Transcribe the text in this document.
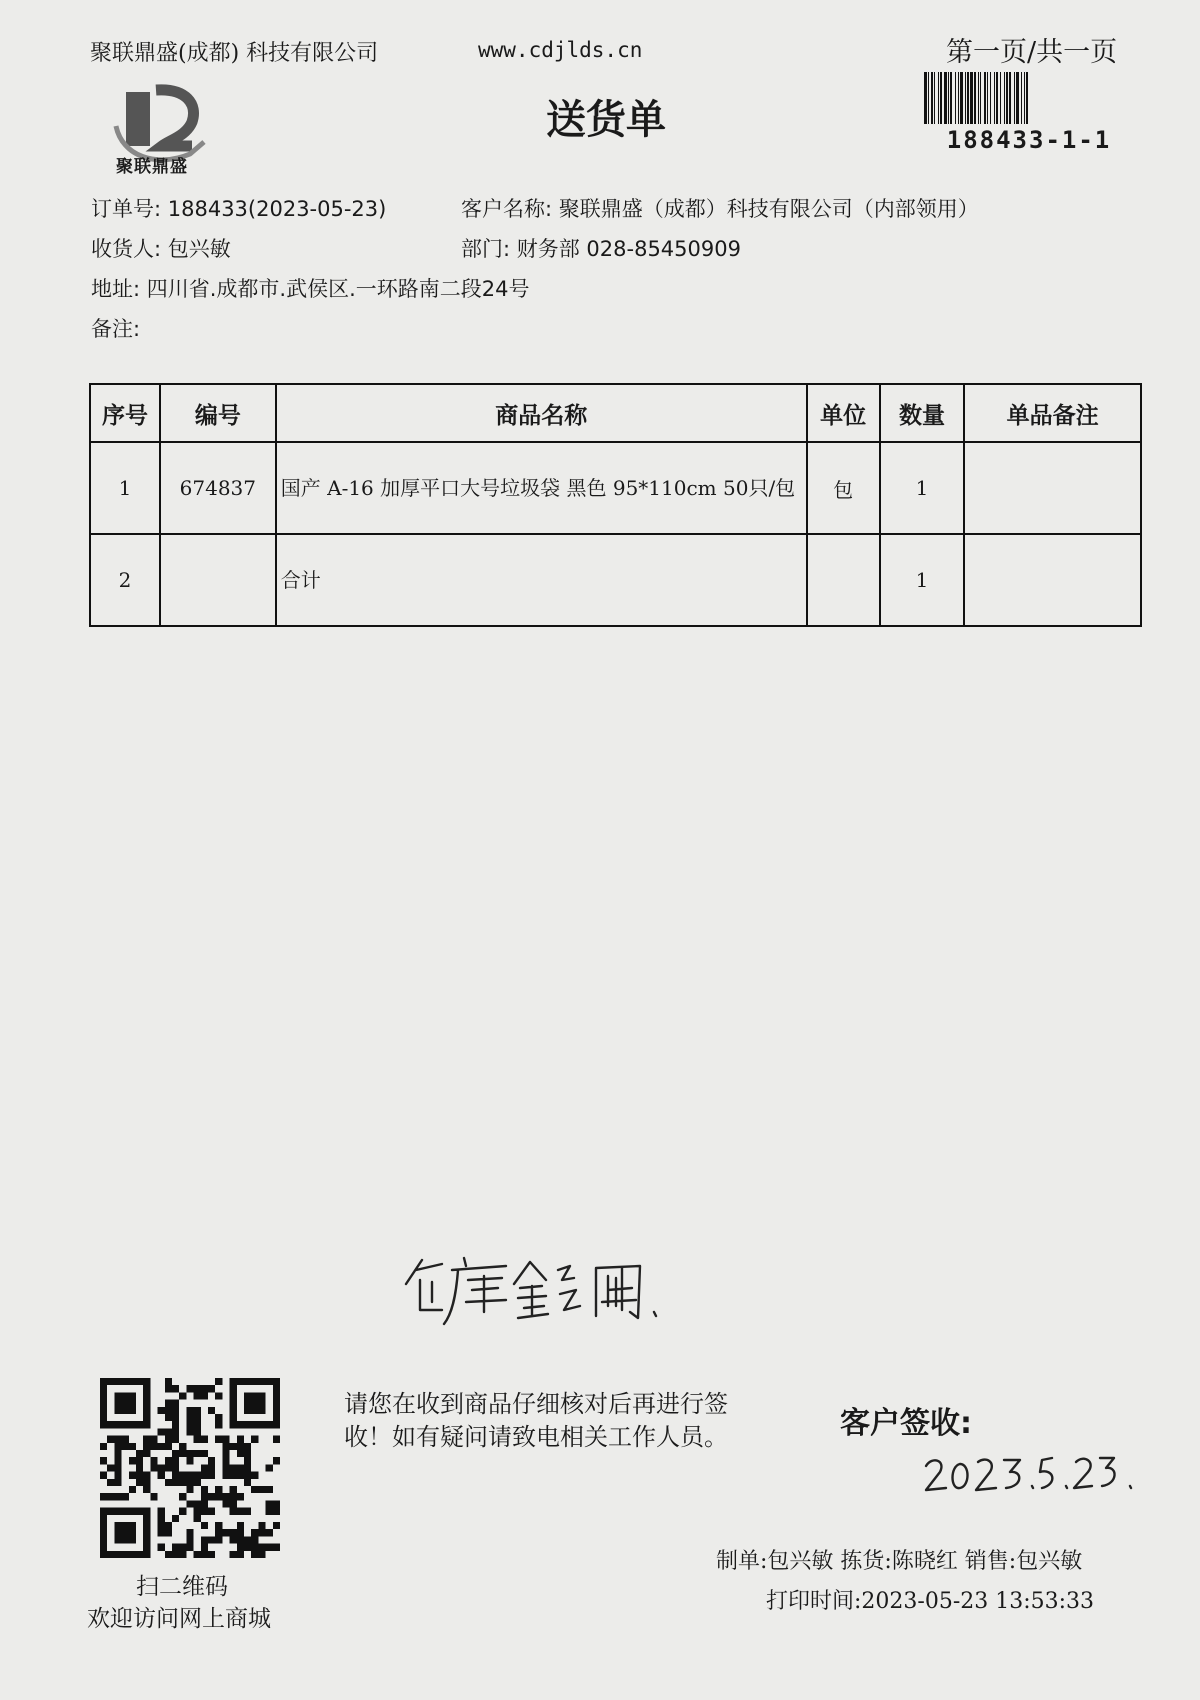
聚联鼎盛(成都) 科技有限公司	www.cdjlds.cn	第一页/共一页
聚联鼎盛
送货单	188433-1-1
订单号: 188433(2023-05-23)	客户名称: 聚联鼎盛（成都）科技有限公司（内部领用）
收货人: 包兴敏	部门: 财务部 028-85450909
地址: 四川省.成都市.武侯区.一环路南二段24号
备注:
序号	编号	商品名称	单位	数量	单品备注
1	674837	国产 A-16 加厚平口大号垃圾袋 黑色 95*110cm 50只/包	包	1	
2		合计		1	
扫二维码
欢迎访问网上商城
请您在收到商品仔细核对后再进行签收！如有疑问请致电相关工作人员。	客户签收:
制单:包兴敏 拣货:陈晓红 销售:包兴敏
打印时间:2023-05-23 13:53:33
